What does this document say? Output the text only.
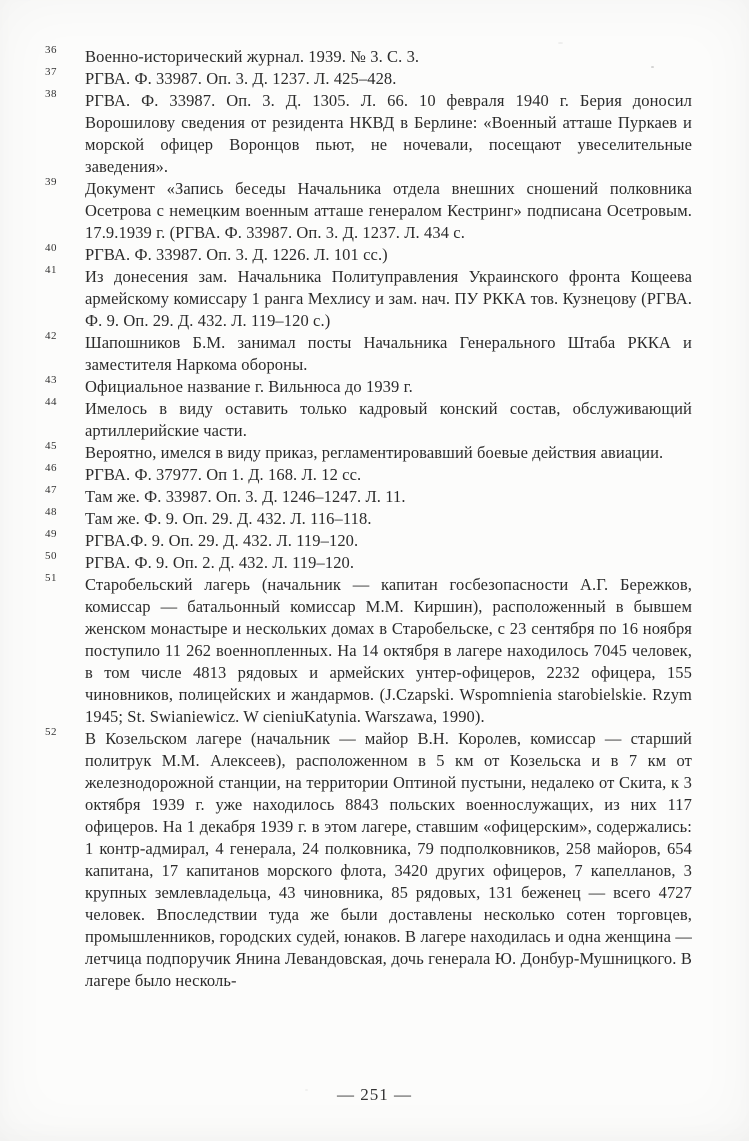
36 Военно-исторический журнал. 1939. № 3. С. 3.
37 РГВА. Ф. 33987. Оп. 3. Д. 1237. Л. 425–428.
38 РГВА. Ф. 33987. Оп. 3. Д. 1305. Л. 66. 10 февраля 1940 г. Берия доносил Ворошилову сведения от резидента НКВД в Берлине: «Военный атташе Пуркаев и морской офицер Воронцов пьют, не ночевали, посещают увеселительные заведения».
39 Документ «Запись беседы Начальника отдела внешних сношений полковника Осетрова с немецким военным атташе генералом Кестринг» подписана Осетровым. 17.9.1939 г. (РГВА. Ф. 33987. Оп. 3. Д. 1237. Л. 434 с.
40 РГВА. Ф. 33987. Оп. 3. Д. 1226. Л. 101 сс.)
41 Из донесения зам. Начальника Политуправления Украинского фронта Кощеева армейскому комиссару 1 ранга Мехлису и зам. нач. ПУ РККА тов. Кузнецову (РГВА. Ф. 9. Оп. 29. Д. 432. Л. 119–120 с.)
42 Шапошников Б.М. занимал посты Начальника Генерального Штаба РККА и заместителя Наркома обороны.
43 Официальное название г. Вильнюса до 1939 г.
44 Имелось в виду оставить только кадровый конский состав, обслуживающий артиллерийские части.
45 Вероятно, имелся в виду приказ, регламентировавший боевые действия авиации.
46 РГВА. Ф. 37977. Оп 1. Д. 168. Л. 12 сс.
47 Там же. Ф. 33987. Оп. 3. Д. 1246–1247. Л. 11.
48 Там же. Ф. 9. Оп. 29. Д. 432. Л. 116–118.
49 РГВА.Ф. 9. Оп. 29. Д. 432. Л. 119–120.
50 РГВА. Ф. 9. Оп. 2. Д. 432. Л. 119–120.
51 Старобельский лагерь (начальник — капитан госбезопасности А.Г. Бережков, комиссар — батальонный комиссар М.М. Киршин), расположенный в бывшем женском монастыре и нескольких домах в Старобельске, с 23 сентября по 16 ноября поступило 11 262 военнопленных. На 14 октября в лагере находилось 7045 человек, в том числе 4813 рядовых и армейских унтер-офицеров, 2232 офицера, 155 чиновников, полицейских и жандармов. (J.Czapski. Wspomnienia starobielskie. Rzym 1945; St. Swianiewicz. W cieniuKatynia. Warszawa, 1990).
52 В Козельском лагере (начальник — майор В.Н. Королев, комиссар — старший политрук М.М. Алексеев), расположенном в 5 км от Козельска и в 7 км от железнодорожной станции, на территории Оптиной пустыни, недалеко от Скита, к 3 октября 1939 г. уже находилось 8843 польских военнослужащих, из них 117 офицеров. На 1 декабря 1939 г. в этом лагере, ставшим «офицерским», содержались: 1 контр-адмирал, 4 генерала, 24 полковника, 79 подполковников, 258 майоров, 654 капитана, 17 капитанов морского флота, 3420 других офицеров, 7 капелланов, 3 крупных землевладельца, 43 чиновника, 85 рядовых, 131 беженец — всего 4727 человек. Впоследствии туда же были доставлены несколько сотен торговцев, промышленников, городских судей, юнаков. В лагере находилась и одна женщина — летчица подпоручик Янина Левандовская, дочь генерала Ю. Донбур-Мушницкого. В лагере было несколь-
— 251 —
